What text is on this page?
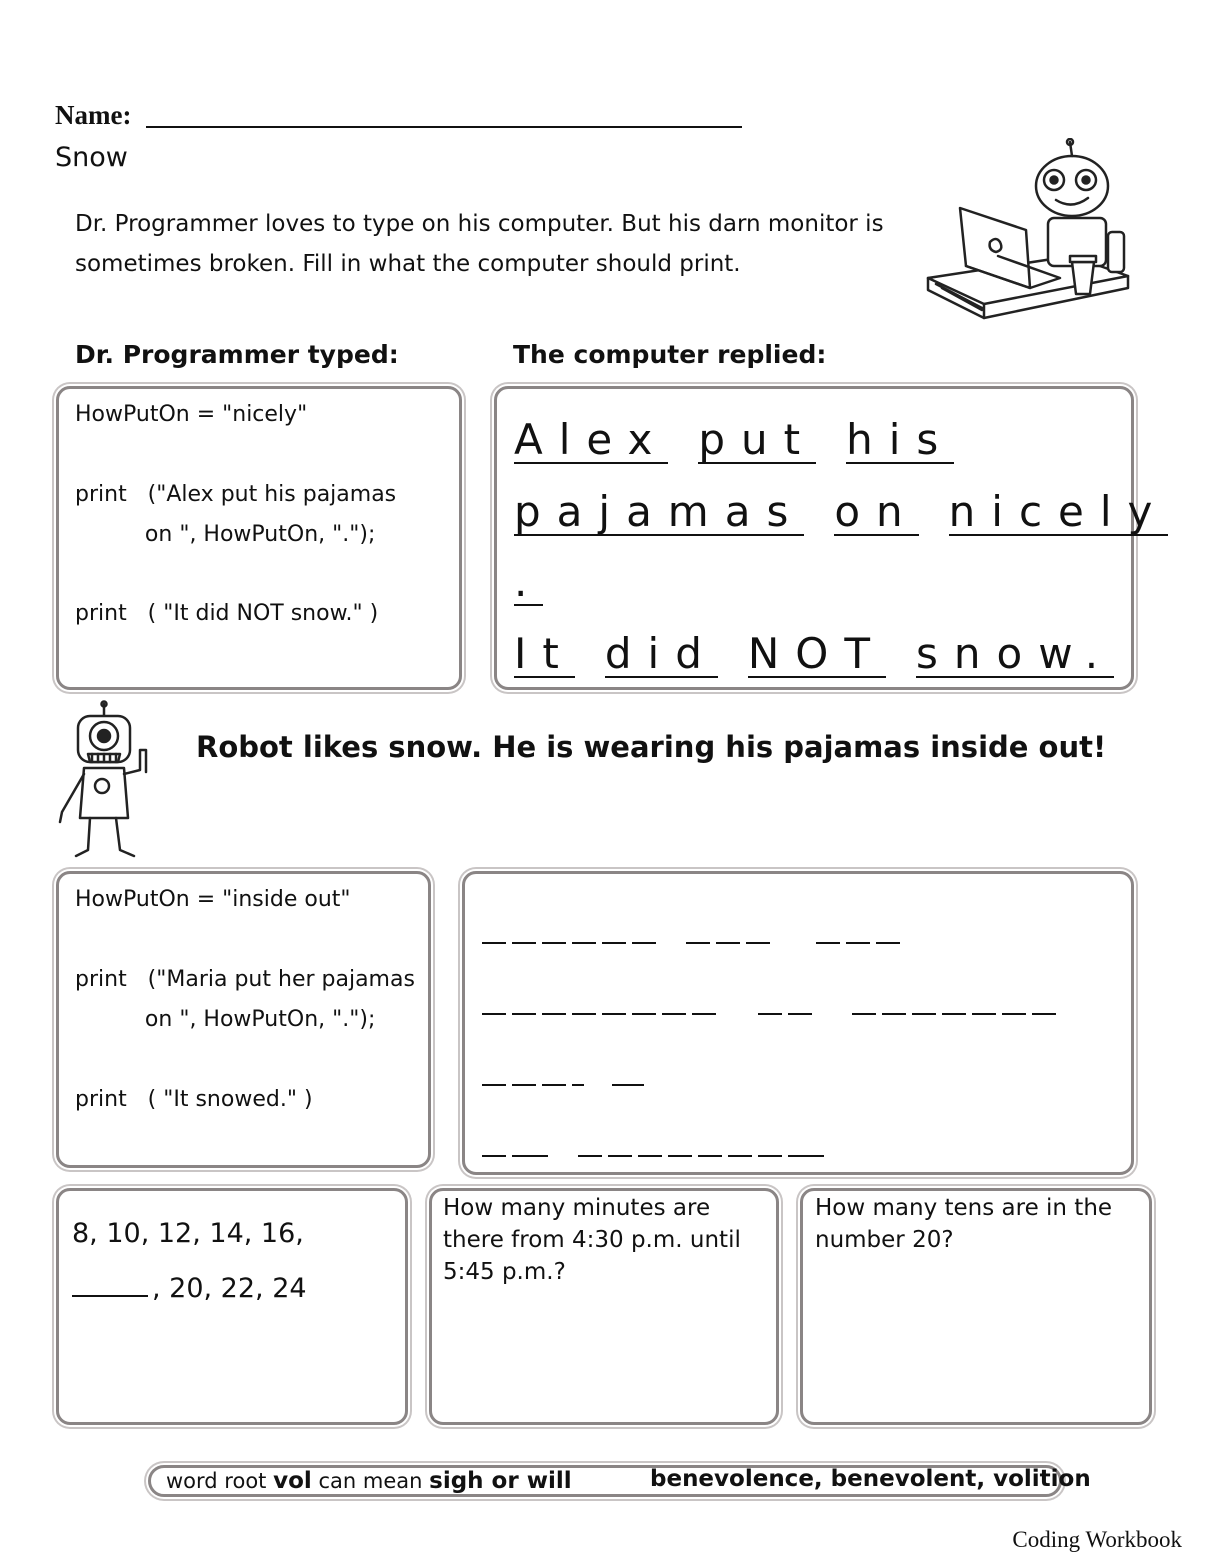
Name:
Snow
Dr. Programmer loves to type on his computer. But his darn monitor is sometimes broken. Fill in what the computer should print.
Dr. Programmer typed:	The computer replied:
HowPutOn = "nicely"
print   ("Alex put his pajamas
on ", HowPutOn, ".");
print   ( "It did NOT snow." )
Alex put his
pajamas on nicely
.
It did NOT snow.
Robot likes snow. He is wearing his pajamas inside out!
HowPutOn = "inside out"
print   ("Maria put her pajamas
on ", HowPutOn, ".");
print   ( "It snowed." )
8, 10, 12, 14, 16,
, 20, 22, 24
How many minutes are there from 4:30 p.m. until 5:45 p.m.?
How many tens are in the number 20?
word root vol can mean sigh or will	benevolence, benevolent, volition
Coding Workbook
